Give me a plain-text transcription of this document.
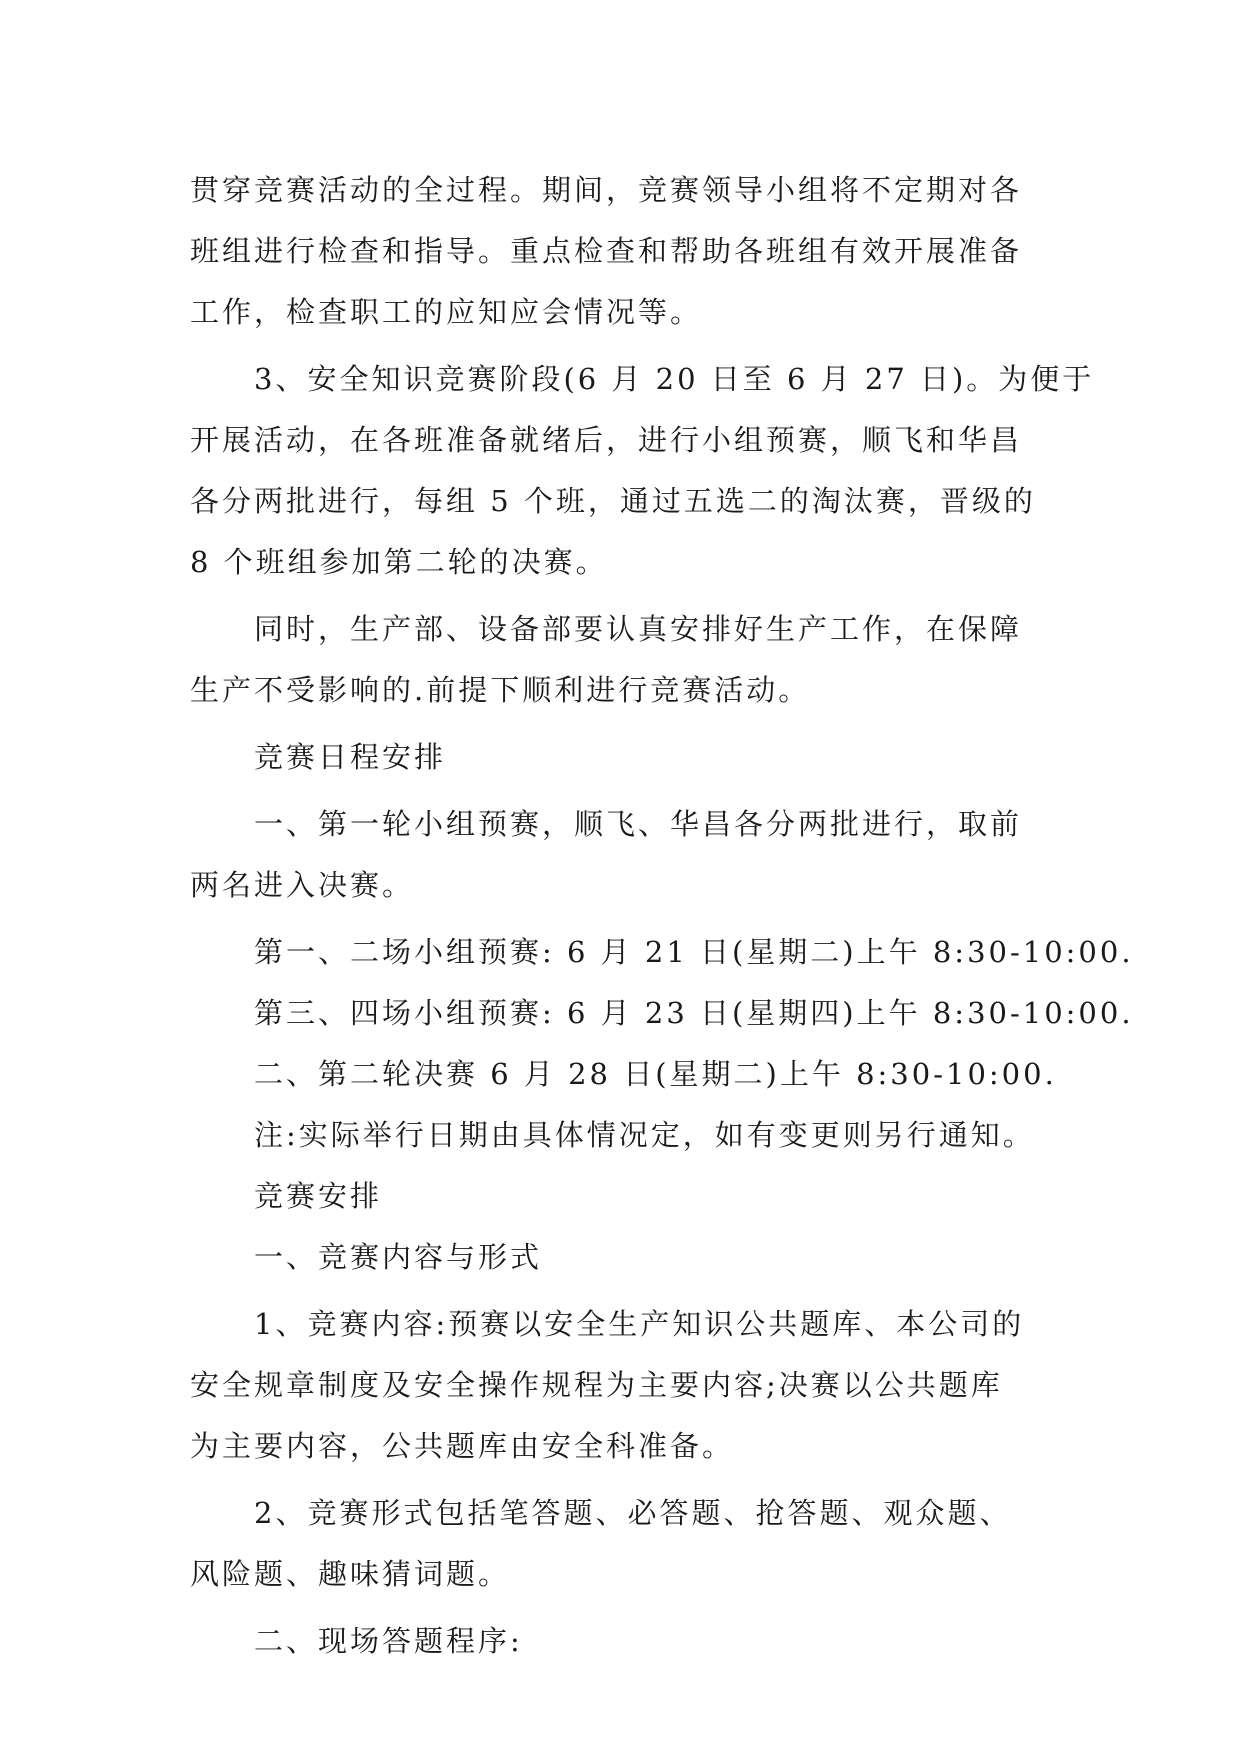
贯穿竞赛活动的全过程。期间，竞赛领导小组将不定期对各
班组进行检查和指导。重点检查和帮助各班组有效开展准备
工作，检查职工的应知应会情况等。
3、安全知识竞赛阶段(6 月 20 日至 6 月 27 日)。为便于
开展活动，在各班准备就绪后，进行小组预赛，顺飞和华昌
各分两批进行，每组 5 个班，通过五选二的淘汰赛，晋级的
8 个班组参加第二轮的决赛。
同时，生产部、设备部要认真安排好生产工作，在保障
生产不受影响的.前提下顺利进行竞赛活动。
竞赛日程安排
一、第一轮小组预赛，顺飞、华昌各分两批进行，取前
两名进入决赛。
第一、二场小组预赛: 6 月 21 日(星期二)上午 8:30-10:00.
第三、四场小组预赛: 6 月 23 日(星期四)上午 8:30-10:00.
二、第二轮决赛 6 月 28 日(星期二)上午 8:30-10:00.
注:实际举行日期由具体情况定，如有变更则另行通知。
竞赛安排
一、竞赛内容与形式
1、竞赛内容:预赛以安全生产知识公共题库、本公司的
安全规章制度及安全操作规程为主要内容;决赛以公共题库
为主要内容，公共题库由安全科准备。
2、竞赛形式包括笔答题、必答题、抢答题、观众题、
风险题、趣味猜词题。
二、现场答题程序:
